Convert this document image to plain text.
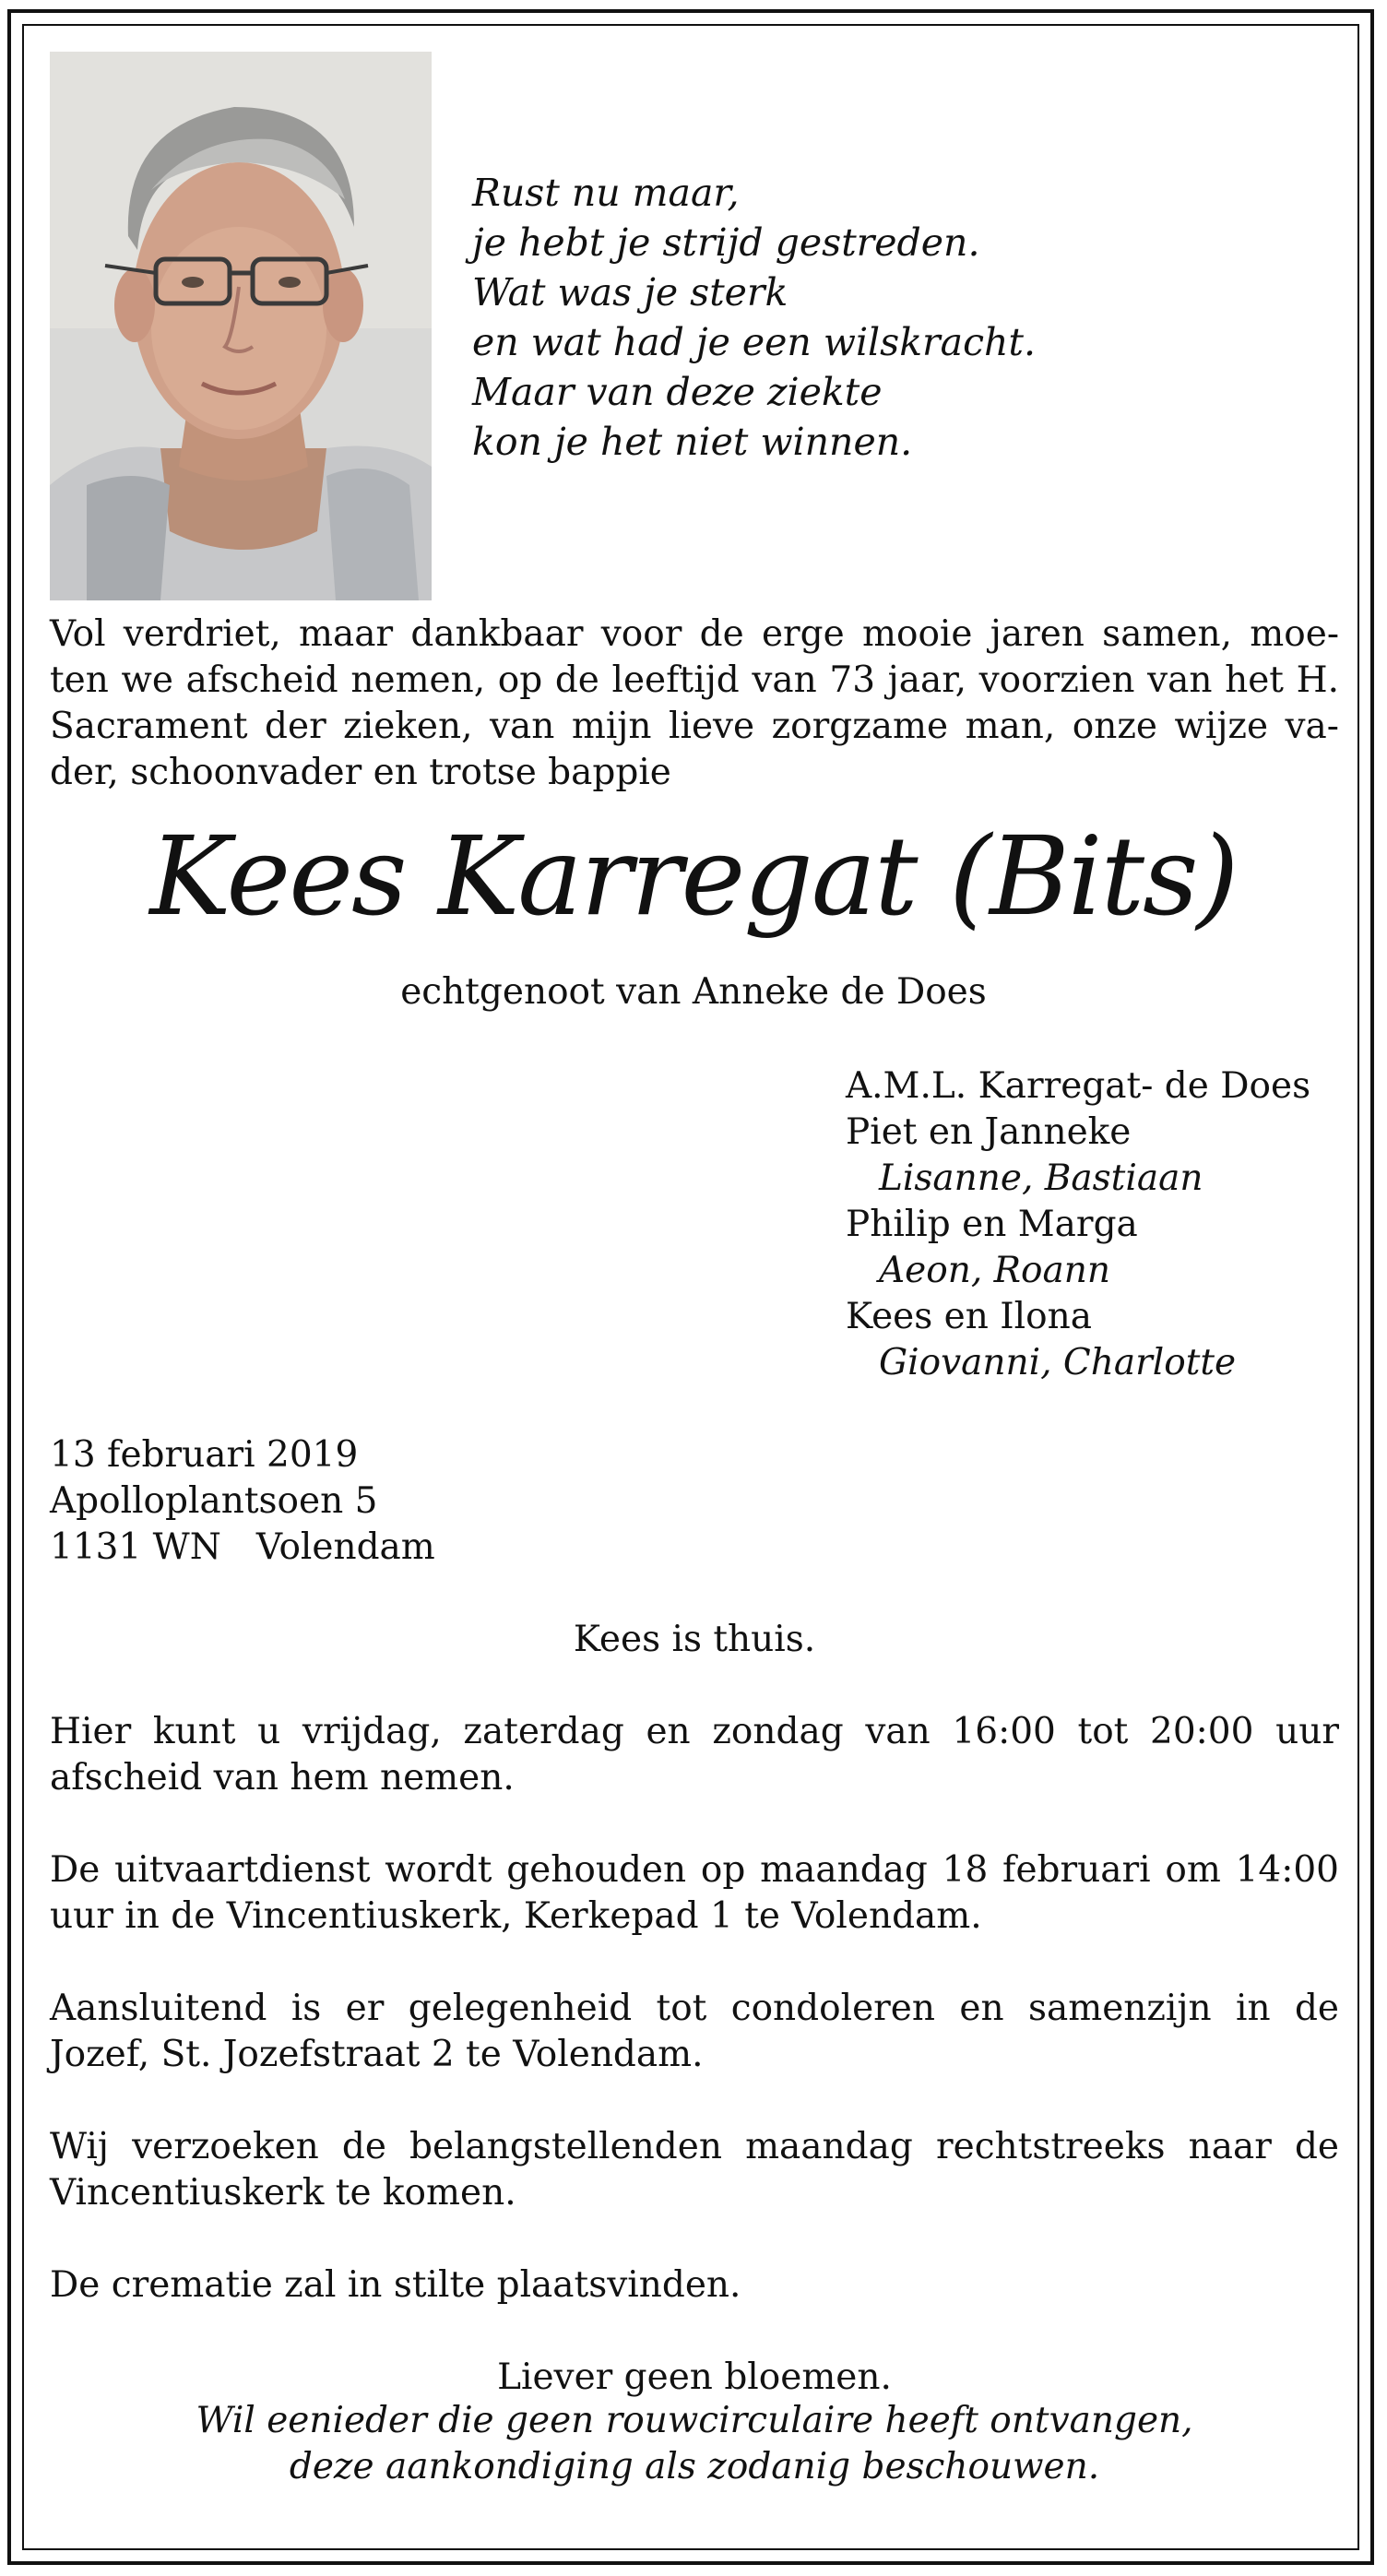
Rust nu maar,
je hebt je strijd gestreden.
Wat was je sterk
en wat had je een wilskracht.
Maar van deze ziekte
kon je het niet winnen.
Vol verdriet, maar dankbaar voor de erge mooie jaren samen, moe-
ten we afscheid nemen, op de leeftijd van 73 jaar, voorzien van het H.
Sacrament der zieken, van mijn lieve zorgzame man, onze wijze va-
der, schoonvader en trotse bappie
Kees Karregat (Bits)
echtgenoot van Anneke de Does
A.M.L. Karregat- de Does
Piet en Janneke
Lisanne, Bastiaan
Philip en Marga
Aeon, Roann
Kees en Ilona
Giovanni, Charlotte
13 februari 2019
Apolloplantsoen 5
1131 WN Volendam
Kees is thuis.
Hier kunt u vrijdag, zaterdag en zondag van 16:00 tot 20:00 uur
afscheid van hem nemen.
De uitvaartdienst wordt gehouden op maandag 18 februari om 14:00
uur in de Vincentiuskerk, Kerkepad 1 te Volendam.
Aansluitend is er gelegenheid tot condoleren en samenzijn in de
Jozef, St. Jozefstraat 2 te Volendam.
Wij verzoeken de belangstellenden maandag rechtstreeks naar de
Vincentiuskerk te komen.
De crematie zal in stilte plaatsvinden.
Liever geen bloemen.
Wil eenieder die geen rouwcirculaire heeft ontvangen,
deze aankondiging als zodanig beschouwen.
